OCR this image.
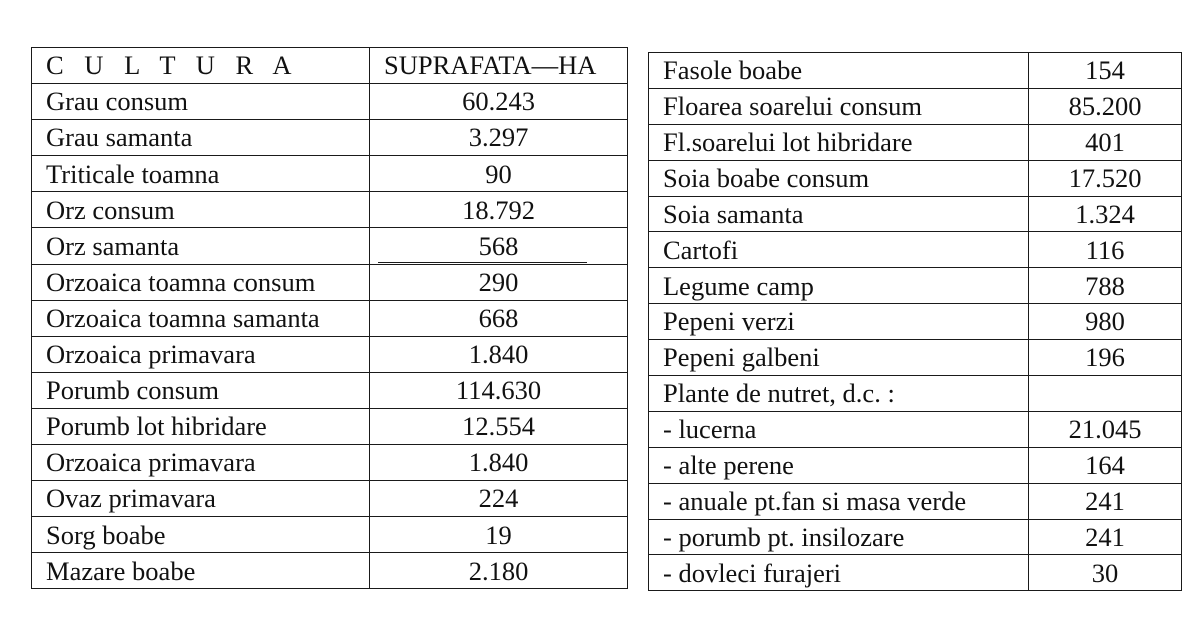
C U L T U R A	SUPRAFATA—HA
Grau consum	60.243
Grau samanta	3.297
Triticale toamna	90
Orz consum	18.792
Orz samanta	568

Orzoaica toamna consum	290
Orzoaica toamna samanta	668
Orzoaica primavara	1.840
Porumb consum	114.630
Porumb lot hibridare	12.554
Orzoaica primavara	1.840
Ovaz primavara	224
Sorg boabe	19
Mazare boabe	2.180
Fasole boabe	154
Floarea soarelui consum	85.200
Fl.soarelui lot hibridare	401
Soia boabe consum	17.520
Soia samanta	1.324
Cartofi	116
Legume camp	788
Pepeni verzi	980
Pepeni galbeni	196
Plante de nutret, d.c. :	
- lucerna	21.045
- alte perene	164
- anuale pt.fan si masa verde	241
- porumb pt. insilozare	241
- dovleci furajeri	30
